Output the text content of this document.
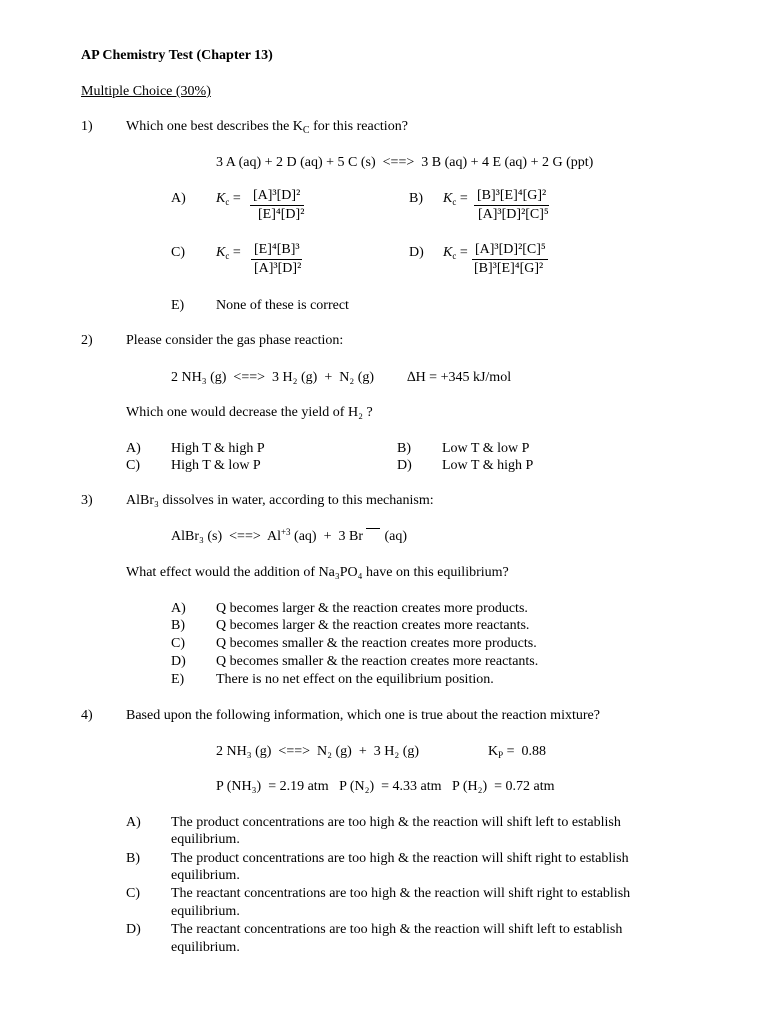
AP Chemistry Test (Chapter 13)
Multiple Choice (30%)
1) Which one best describes the $K_C$ for this reaction?
3 A (aq) + 2 D (aq) + 5 C (s)  <==>  3 B (aq) + 4 E (aq) + 2 G (ppt)
A) $K_c = \frac{\text{[A]³[D]²}}{\text{[E]⁴[D]²}}$	B) $K_c = \frac{\text{[B]³[E]⁴[G]²}}{\text{[A]³[D]²[C]⁵}}$
C) $K_c = \frac{\text{[E]⁴[B]³}}{\text{[A]³[D]²}}$	D) $K_c = \frac{\text{[A]³[D]²[C]⁵}}{\text{[B]³[E]⁴[G]²}}$
E) None of these is correct
2) Please consider the gas phase reaction:
2 NH₃ (g)  <==>  3 H₂ (g)  +  N₂ (g) ∆H = +345 kJ/mol
Which one would decrease the yield of H₂ ?
A) High T & high P	B) Low T & low P
C) High T & low P	D) Low T & high P
3) AlBr₃ dissolves in water, according to this mechanism:
AlBr₃ (s)  <==>  $Al^{+3}$ (aq)  +  3 Br (aq)
What effect would the addition of Na₃PO₄ have on this equilibrium?
A) Q becomes larger & the reaction creates more products.
B) Q becomes larger & the reaction creates more reactants.
C) Q becomes smaller & the reaction creates more products.
D) Q becomes smaller & the reaction creates more reactants.
E) There is no net effect on the equilibrium position.
4) Based upon the following information, which one is true about the reaction mixture?
2 NH₃ (g)  <==>  N₂ (g)  +  3 H₂ (g)	$K_P = 0.88$
P (NH₃)  = 2.19 atm   P (N₂)  = 4.33 atm   P (H₂)  = 0.72 atm
A) The product concentrations are too high & the reaction will shift left to establish
equilibrium.
B) The product concentrations are too high & the reaction will shift right to establish
equilibrium.
C) The reactant concentrations are too high & the reaction will shift right to establish
equilibrium.
D) The reactant concentrations are too high & the reaction will shift left to establish
equilibrium.
